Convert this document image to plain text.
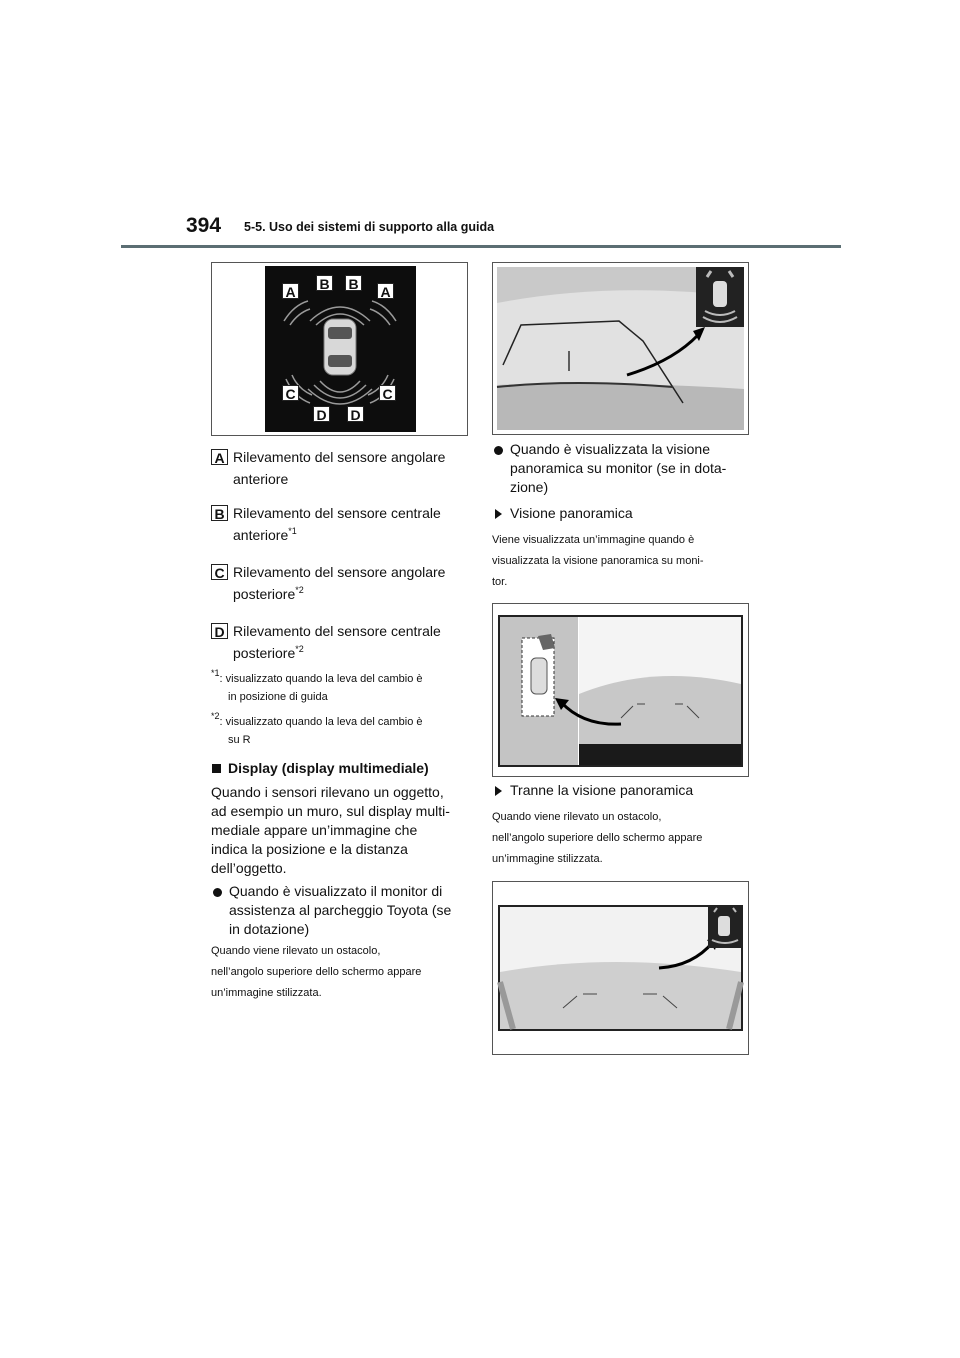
394 5-5. Uso dei sistemi di supporto alla guida
A B B A
C	C
D D
A Rilevamento del sensore angolare
anteriore
B Rilevamento del sensore centrale
anteriore$^{*1}$
C Rilevamento del sensore angolare
posteriore$^{*2}$
D Rilevamento del sensore centrale
posteriore$^{*2}$
$^{*1}$: visualizzato quando la leva del cambio è
in posizione di guida
$^{*2}$: visualizzato quando la leva del cambio è
su R
Display (display multimediale)
Quando i sensori rilevano un oggetto,
ad esempio un muro, sul display multi-
mediale appare un’immagine che
indica la posizione e la distanza
dell’oggetto.
Quando è visualizzato il monitor di
assistenza al parcheggio Toyota (se
in dotazione)
Quando viene rilevato un ostacolo,
nell’angolo superiore dello schermo appare
un’immagine stilizzata.
Quando è visualizzata la visione
panoramica su monitor (se in dota-
zione)
Visione panoramica
Viene visualizzata un’immagine quando è
visualizzata la visione panoramica su moni-
tor.
Tranne la visione panoramica
Quando viene rilevato un ostacolo,
nell’angolo superiore dello schermo appare
un’immagine stilizzata.
